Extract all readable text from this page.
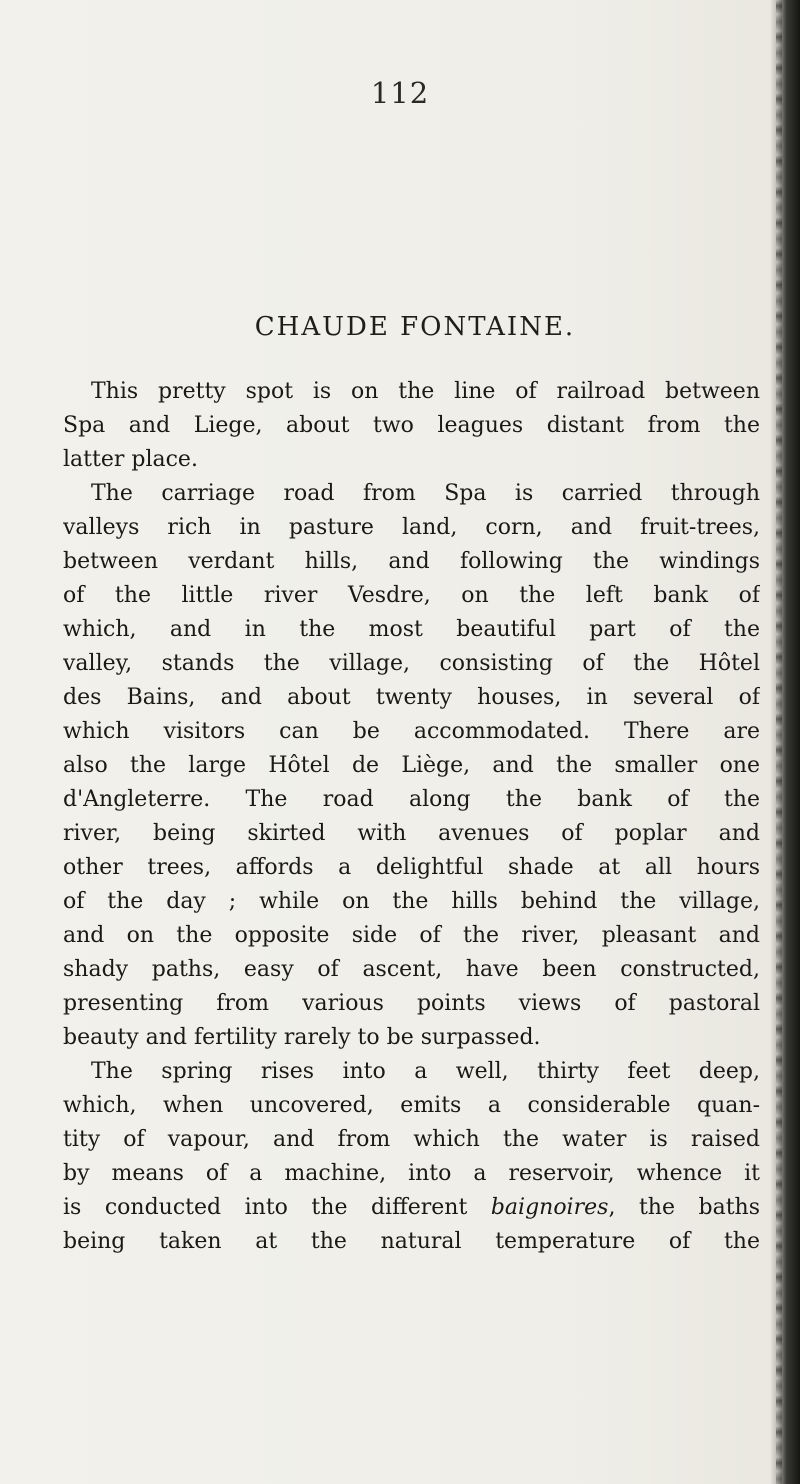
112
CHAUDE FONTAINE.
This pretty spot is on the line of railroad between
Spa and Liege, about two leagues distant from the
latter place.
The carriage road from Spa is carried through
valleys rich in pasture land, corn, and fruit-trees,
between verdant hills, and following the windings
of the little river Vesdre, on the left bank of
which, and in the most beautiful part of the
valley, stands the village, consisting of the Hôtel
des Bains, and about twenty houses, in several of
which visitors can be accommodated. There are
also the large Hôtel de Liège, and the smaller one
d'Angleterre. The road along the bank of the
river, being skirted with avenues of poplar and
other trees, affords a delightful shade at all hours
of the day ; while on the hills behind the village,
and on the opposite side of the river, pleasant and
shady paths, easy of ascent, have been constructed,
presenting from various points views of pastoral
beauty and fertility rarely to be surpassed.
The spring rises into a well, thirty feet deep,
which, when uncovered, emits a considerable quan-
tity of vapour, and from which the water is raised
by means of a machine, into a reservoir, whence it
is conducted into the different baignoires, the baths
being taken at the natural temperature of the
